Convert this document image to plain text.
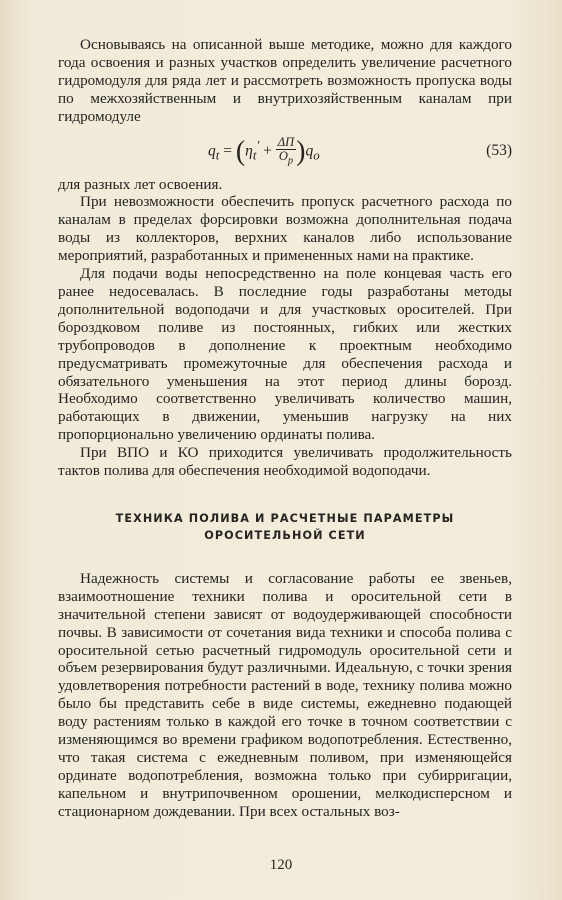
Основываясь на описанной выше методике, можно для каждого года освоения и разных участков определить увеличение расчетного гидромодуля для ряда лет и рассмотреть возможность пропуска воды по межхозяйственным и внутрихозяйственным каналам при гидромодуле

$q_t = (\eta_t' + \frac{\Delta П}{О_р} )q_o$	(53)

для разных лет освоения.

При невозможности обеспечить пропуск расчетного расхода по каналам в пределах форсировки возможна дополнительная подача воды из коллекторов, верхних каналов либо использование мероприятий, разработанных и примененных нами на практике.

Для подачи воды непосредственно на поле концевая часть его ранее недосевалась. В последние годы разработаны методы дополнительной водоподачи и для участковых оросителей. При бороздковом поливе из постоянных, гибких или жестких трубопроводов в дополнение к проектным необходимо предусматривать промежуточные для обеспечения расхода и обязательного уменьшения на этот период длины борозд. Необходимо соответственно увеличивать количество машин, работающих в движении, уменьшив нагрузку на них пропорционально увеличению ординаты полива.

При ВПО и КО приходится увеличивать продолжительность тактов полива для обеспечения необходимой водоподачи.

ТЕХНИКА ПОЛИВА И РАСЧЕТНЫЕ ПАРАМЕТРЫ ОРОСИТЕЛЬНОЙ СЕТИ

Надежность системы и согласование работы ее звеньев, взаимоотношение техники полива и оросительной сети в значительной степени зависят от водоудерживающей способности почвы. В зависимости от сочетания вида техники и способа полива с оросительной сетью расчетный гидромодуль оросительной сети и объем резервирования будут различными. Идеальную, с точки зрения удовлетворения потребности растений в воде, технику полива можно было бы представить себе в виде системы, ежедневно подающей воду растениям только в каждой его точке в точном соответствии с изменяющимся во времени графиком водопотребления. Естественно, что такая система с ежедневным поливом, при изменяющейся ординате водопотребления, возможна только при субирригации, капельном и внутрипочвенном орошении, мелкодисперсном и стационарном дождевании. При всех остальных воз-

120
